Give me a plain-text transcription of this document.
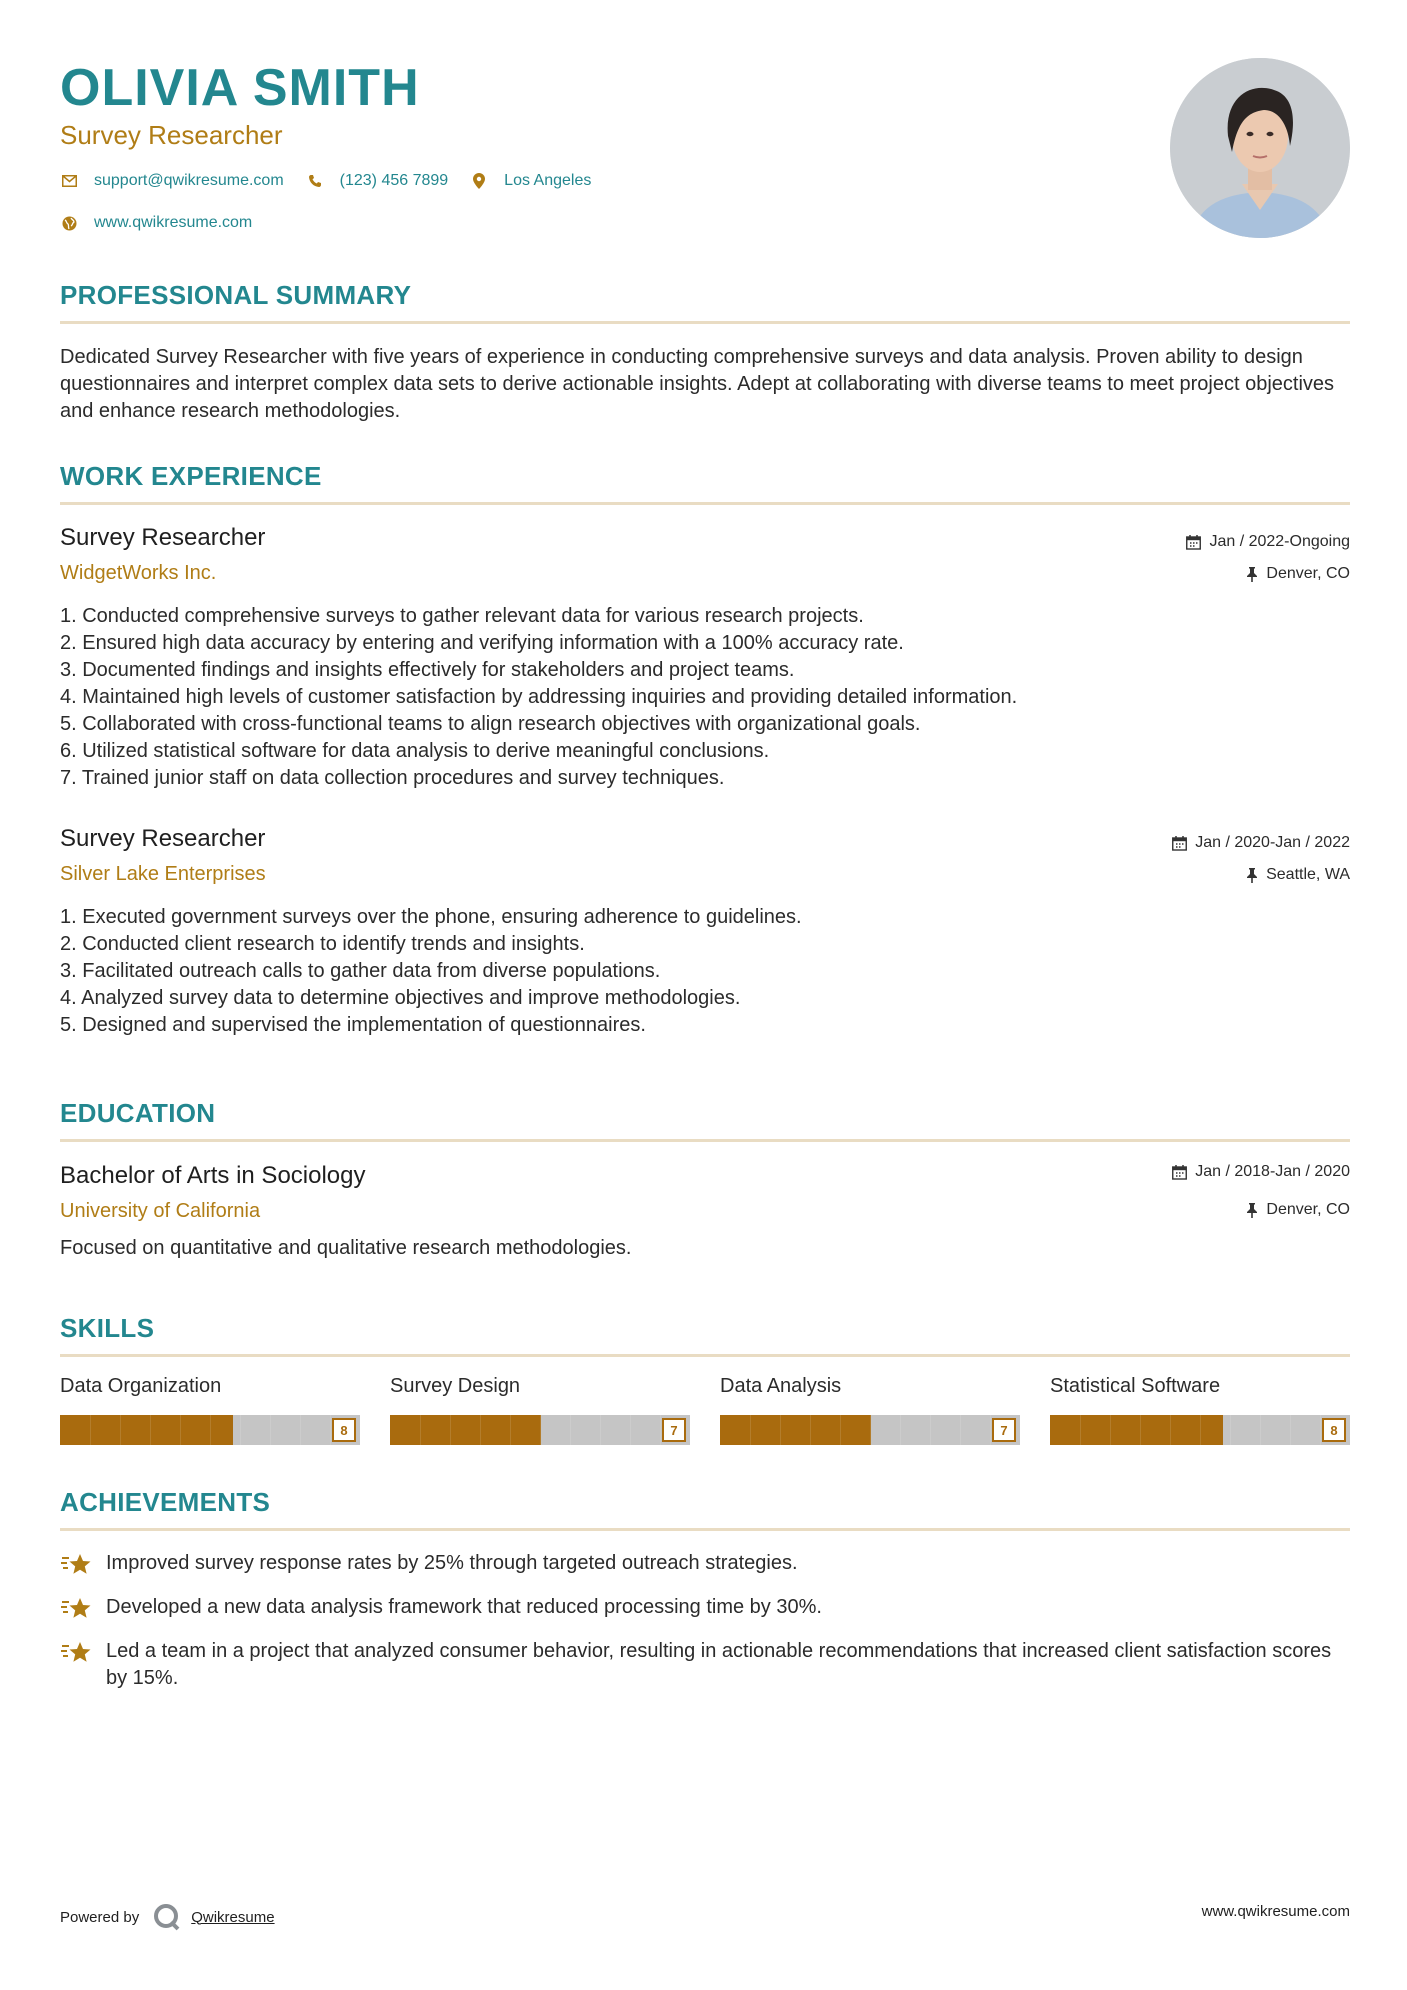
OLIVIA SMITH
Survey Researcher
support@qwikresume.com	(123) 456 7899	Los Angeles
www.qwikresume.com
PROFESSIONAL SUMMARY
Dedicated Survey Researcher with five years of experience in conducting comprehensive surveys and data analysis. Proven ability to design questionnaires and interpret complex data sets to derive actionable insights. Adept at collaborating with diverse teams to meet project objectives and enhance research methodologies.
WORK EXPERIENCE
Survey Researcher
WidgetWorks Inc.
Jan / 2022-Ongoing
Denver, CO
1. Conducted comprehensive surveys to gather relevant data for various research projects.
2. Ensured high data accuracy by entering and verifying information with a 100% accuracy rate.
3. Documented findings and insights effectively for stakeholders and project teams.
4. Maintained high levels of customer satisfaction by addressing inquiries and providing detailed information.
5. Collaborated with cross-functional teams to align research objectives with organizational goals.
6. Utilized statistical software for data analysis to derive meaningful conclusions.
7. Trained junior staff on data collection procedures and survey techniques.
Survey Researcher
Silver Lake Enterprises
Jan / 2020-Jan / 2022
Seattle, WA
1. Executed government surveys over the phone, ensuring adherence to guidelines.
2. Conducted client research to identify trends and insights.
3. Facilitated outreach calls to gather data from diverse populations.
4. Analyzed survey data to determine objectives and improve methodologies.
5. Designed and supervised the implementation of questionnaires.
EDUCATION
Bachelor of Arts in Sociology
University of California
Jan / 2018-Jan / 2020
Denver, CO
Focused on quantitative and qualitative research methodologies.
SKILLS
Data Organization
8
Survey Design
7
Data Analysis
7
Statistical Software
8
ACHIEVEMENTS
Improved survey response rates by 25% through targeted outreach strategies.
Developed a new data analysis framework that reduced processing time by 30%.
Led a team in a project that analyzed consumer behavior, resulting in actionable recommendations that increased client satisfaction scores by 15%.
Powered by	Qwikresume	www.qwikresume.com
